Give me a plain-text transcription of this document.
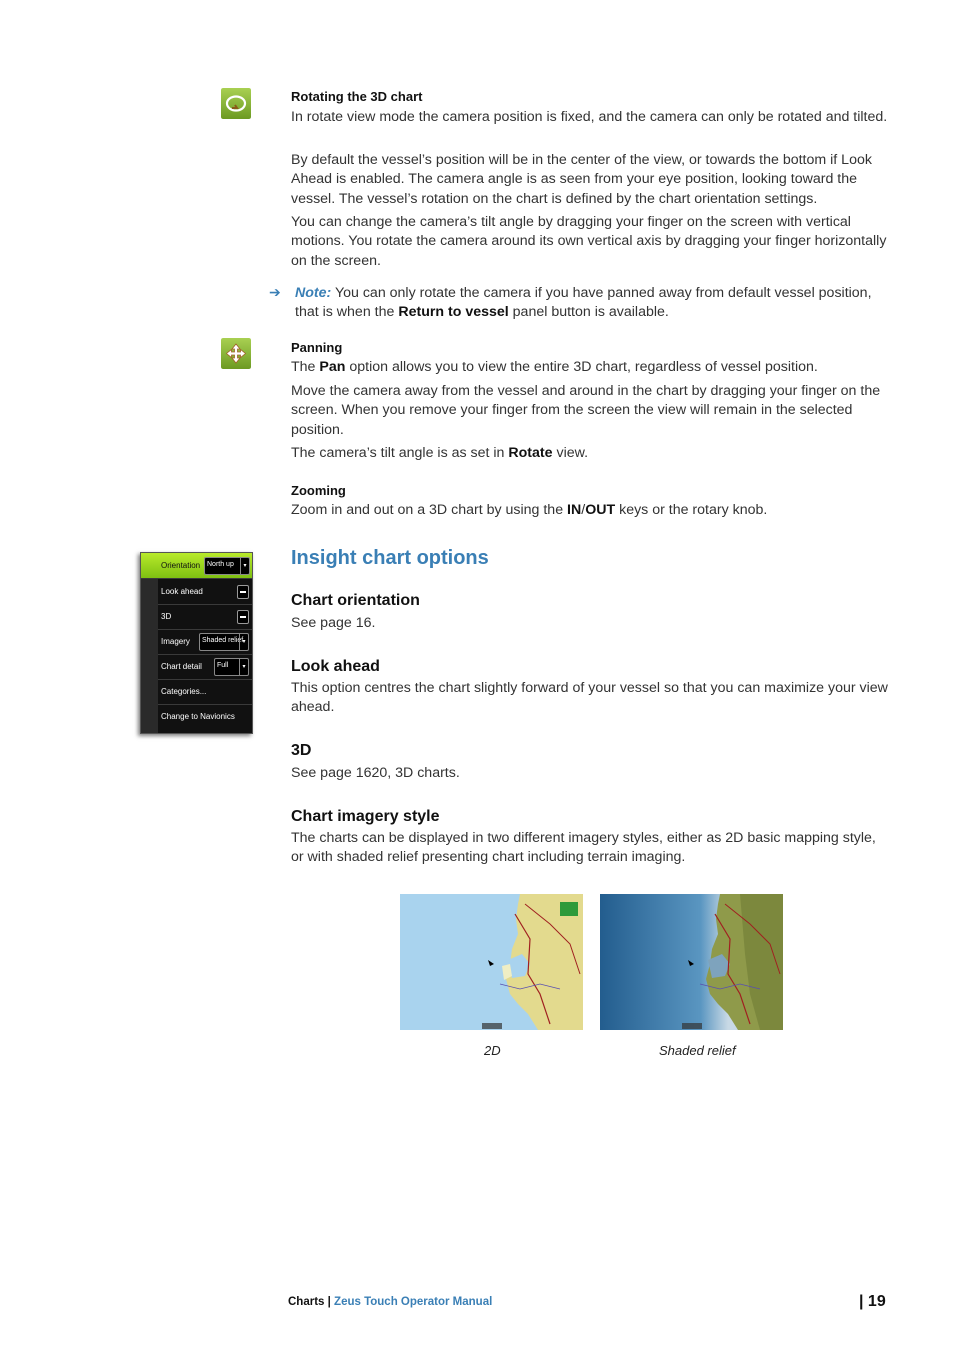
Rotating the 3D chart

In rotate view mode the camera position is fixed, and the camera can only be rotated and tilted.

By default the vessel’s position will be in the center of the view, or towards the bottom if Look Ahead is enabled. The camera angle is as seen from your eye position, looking toward the vessel. The vessel’s rotation on the chart is defined by the chart orientation settings.

You can change the camera’s tilt angle by dragging your finger on the screen with vertical motions. You rotate the camera around its own vertical axis by dragging your finger horizontally on the screen.

➔ Note: You can only rotate the camera if you have panned away from default vessel position, that is when the Return to vessel panel button is available.

Panning

The Pan option allows you to view the entire 3D chart, regardless of vessel position.

Move the camera away from the vessel and around in the chart by dragging your finger on the screen. When you remove your finger from the screen the view will remain in the selected position.

The camera’s tilt angle is as set in Rotate view.

Zooming

Zoom in and out on a 3D chart by using the IN/OUT keys or the rotary knob.

Orientation North up	▾
Look ahead
3D
Imagery Shaded relief ▾
Chart detail Full	▾
Categories...
Change to Navionics
Insight chart options
Chart orientation

See page 16.

Look ahead

This option centres the chart slightly forward of your vessel so that you can maximize your view ahead.

3D

See page 1620, 3D charts.

Chart imagery style

The charts can be displayed in two different imagery styles, either as 2D basic mapping style, or with shaded relief presenting chart including terrain imaging.

2D	Shaded relief
Charts | Zeus Touch Operator Manual	| 19
